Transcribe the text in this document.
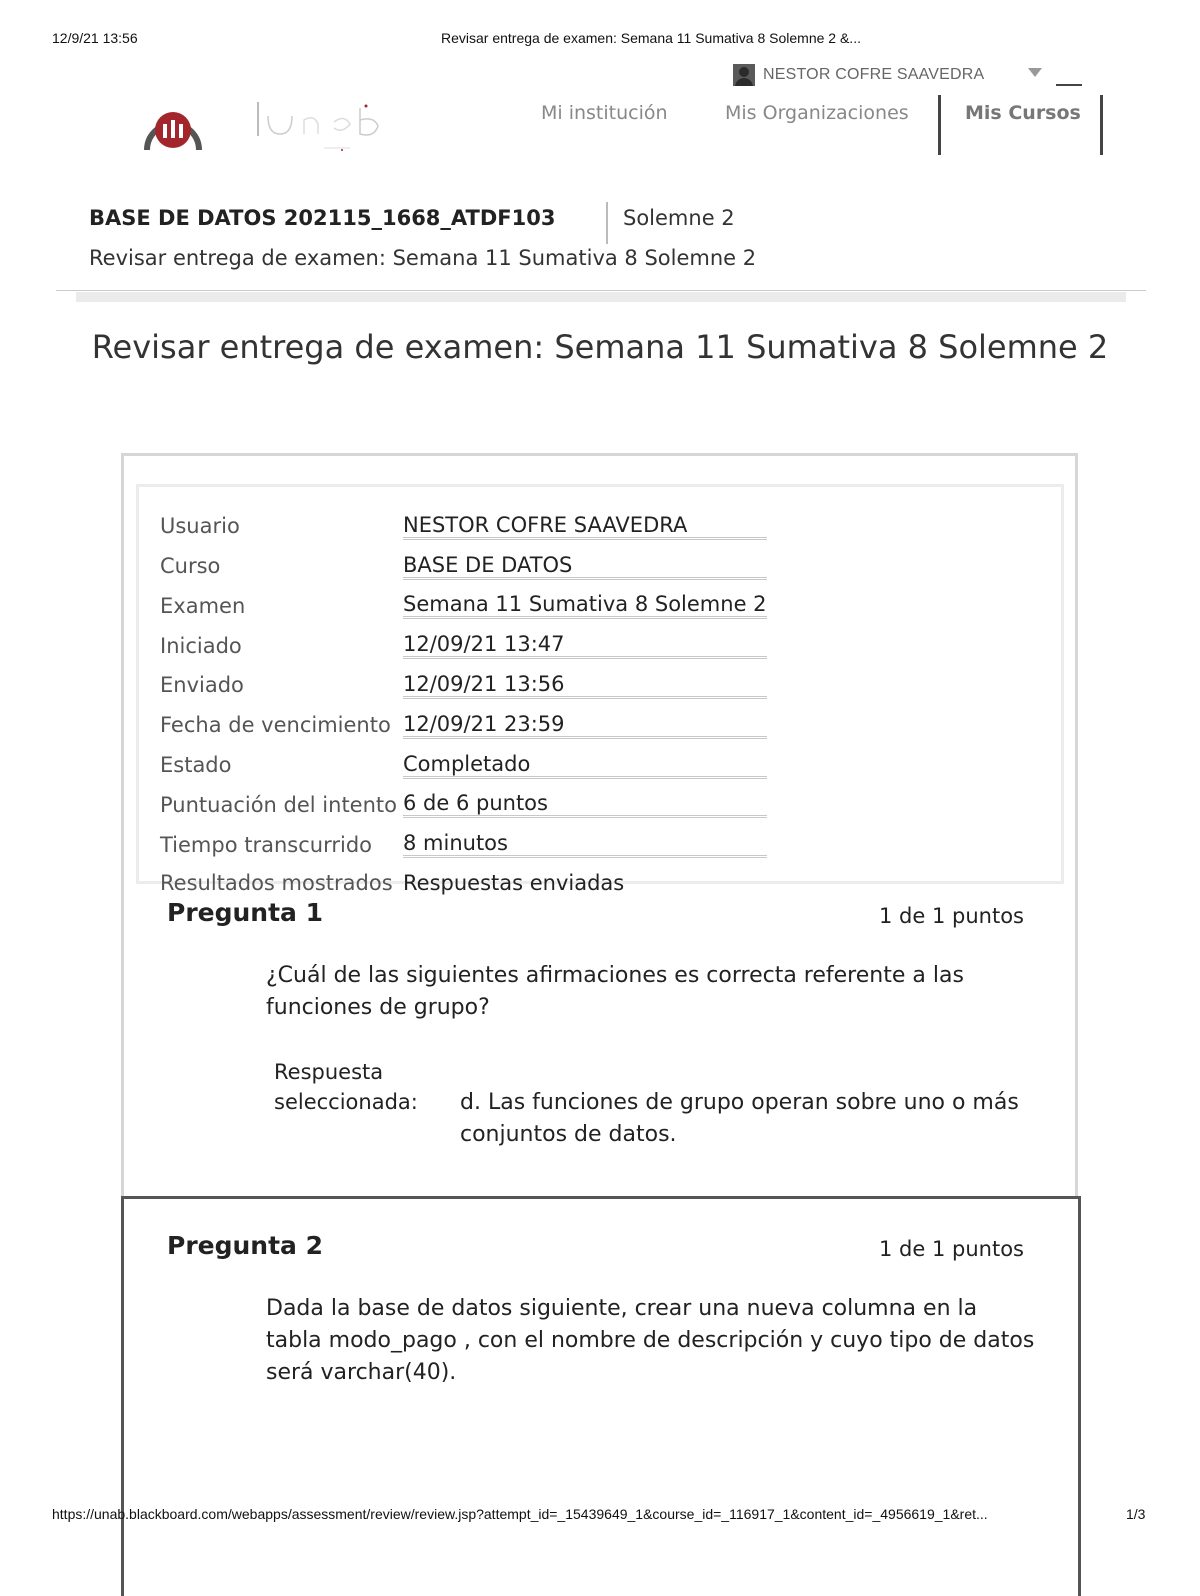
12/9/21 13:56	Revisar entrega de examen: Semana 11 Sumativa 8 Solemne 2 &...
NESTOR COFRE SAAVEDRA
Mi institución	Mis Organizaciones	Mis Cursos
BASE DE DATOS 202115_1668_ATDF103	Solemne 2
Revisar entrega de examen: Semana 11 Sumativa 8 Solemne 2
Revisar entrega de examen: Semana 11 Sumativa 8 Solemne 2
Usuario	NESTOR COFRE SAAVEDRA
Curso	BASE DE DATOS
Examen	Semana 11 Sumativa 8 Solemne 2
Iniciado	12/09/21 13:47
Enviado	12/09/21 13:56
Fecha de vencimiento	12/09/21 23:59
Estado	Completado
Puntuación del intento	6 de 6 puntos
Tiempo transcurrido	8 minutos
Resultados mostrados	Respuestas enviadas
Pregunta 1	1 de 1 puntos
¿Cuál de las siguientes afirmaciones es correcta referente a las funciones de grupo?
Respuesta seleccionada:	d. Las funciones de grupo operan sobre uno o más conjuntos de datos.
Pregunta 2	1 de 1 puntos
Dada la base de datos siguiente, crear una nueva columna en la tabla modo_pago , con el nombre de descripción y cuyo tipo de datos será varchar(40).
https://unab.blackboard.com/webapps/assessment/review/review.jsp?attempt_id=_15439649_1&course_id=_116917_1&content_id=_4956619_1&ret...	1/3
